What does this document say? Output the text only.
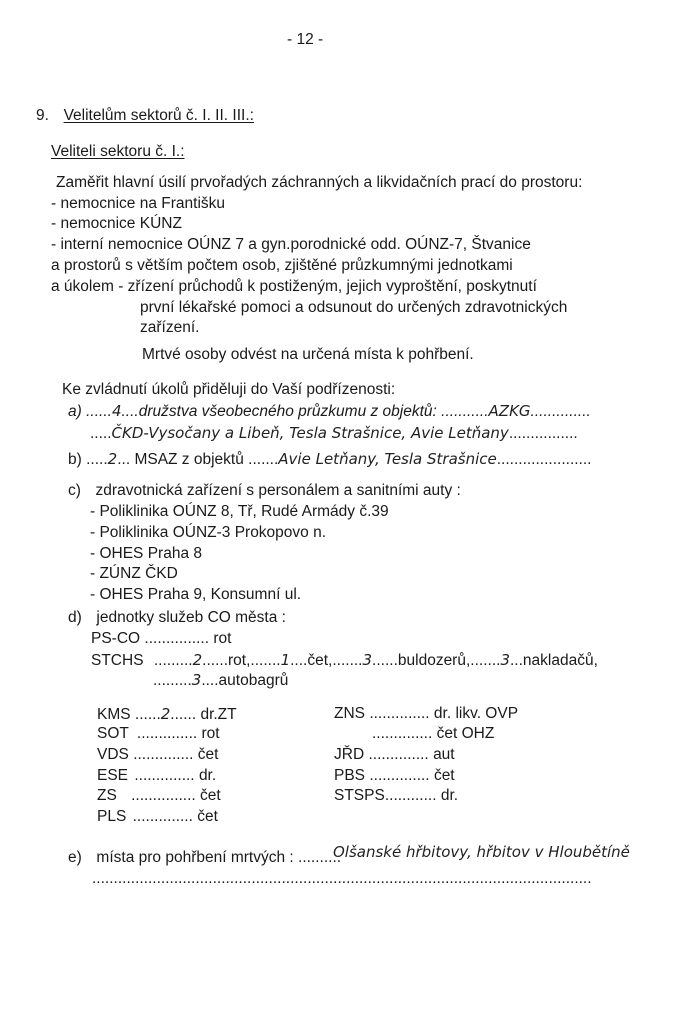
- 12 -
9. Velitelům sektorů č. I. II. III.:
Veliteli sektoru č. I.:
Zaměřit hlavní úsilí prvořadých záchranných a likvidačních prací do prostoru:
- nemocnice na Františku
- nemocnice KÚNZ
- interní nemocnice OÚNZ 7 a gyn.porodnické odd. OÚNZ-7, Štvanice
a prostorů s větším počtem osob, zjištěné průzkumnými jednotkami
a úkolem - zřízení průchodů k postiženým, jejich vyproštění, poskytnutí
první lékařské pomoci a odsunout do určených zdravotnických
zařízení.
Mrtvé osoby odvést na určená místa k pohřbení.
Ke zvládnutí úkolů přiděluji do Vaší podřízenosti:
a) ......4....družstva všeobecného průzkumu z objektů: ...........AZKG..............
.....ČKD-Vysočany a Libeň, Tesla Strašnice, Avie Letňany................
b) .....2... MSAZ z objektů .......Avie Letňany, Tesla Strašnice......................
c) zdravotnická zařízení s personálem a sanitními auty :
- Poliklinika OÚNZ 8, Tř, Rudé Armády č.39
- Poliklinika OÚNZ-3 Prokopovo n.
- OHES Praha 8
- ZÚNZ ČKD
- OHES Praha 9, Konsumní ul.
d) jednotky služeb CO města :
PS-CO ............... rot
STCHS .........2......rot,.......1....čet,.......3......buldozerů,.......3...nakladačů,
.........3....autobagrů
KMS ......2...... dr.ZT
SOT .............. rot
VDS .............. čet
ESE .............. dr.
ZS ............... čet
PLS .............. čet
ZNS .............. dr. likv. OVP
.............. čet OHZ
JŘD .............. aut
PBS .............. čet
STSPS............ dr.
e) místa pro pohřbení mrtvých : ..........
Olšanské hřbitovy, hřbitov v Hloubětíně
....................................................................................................................
